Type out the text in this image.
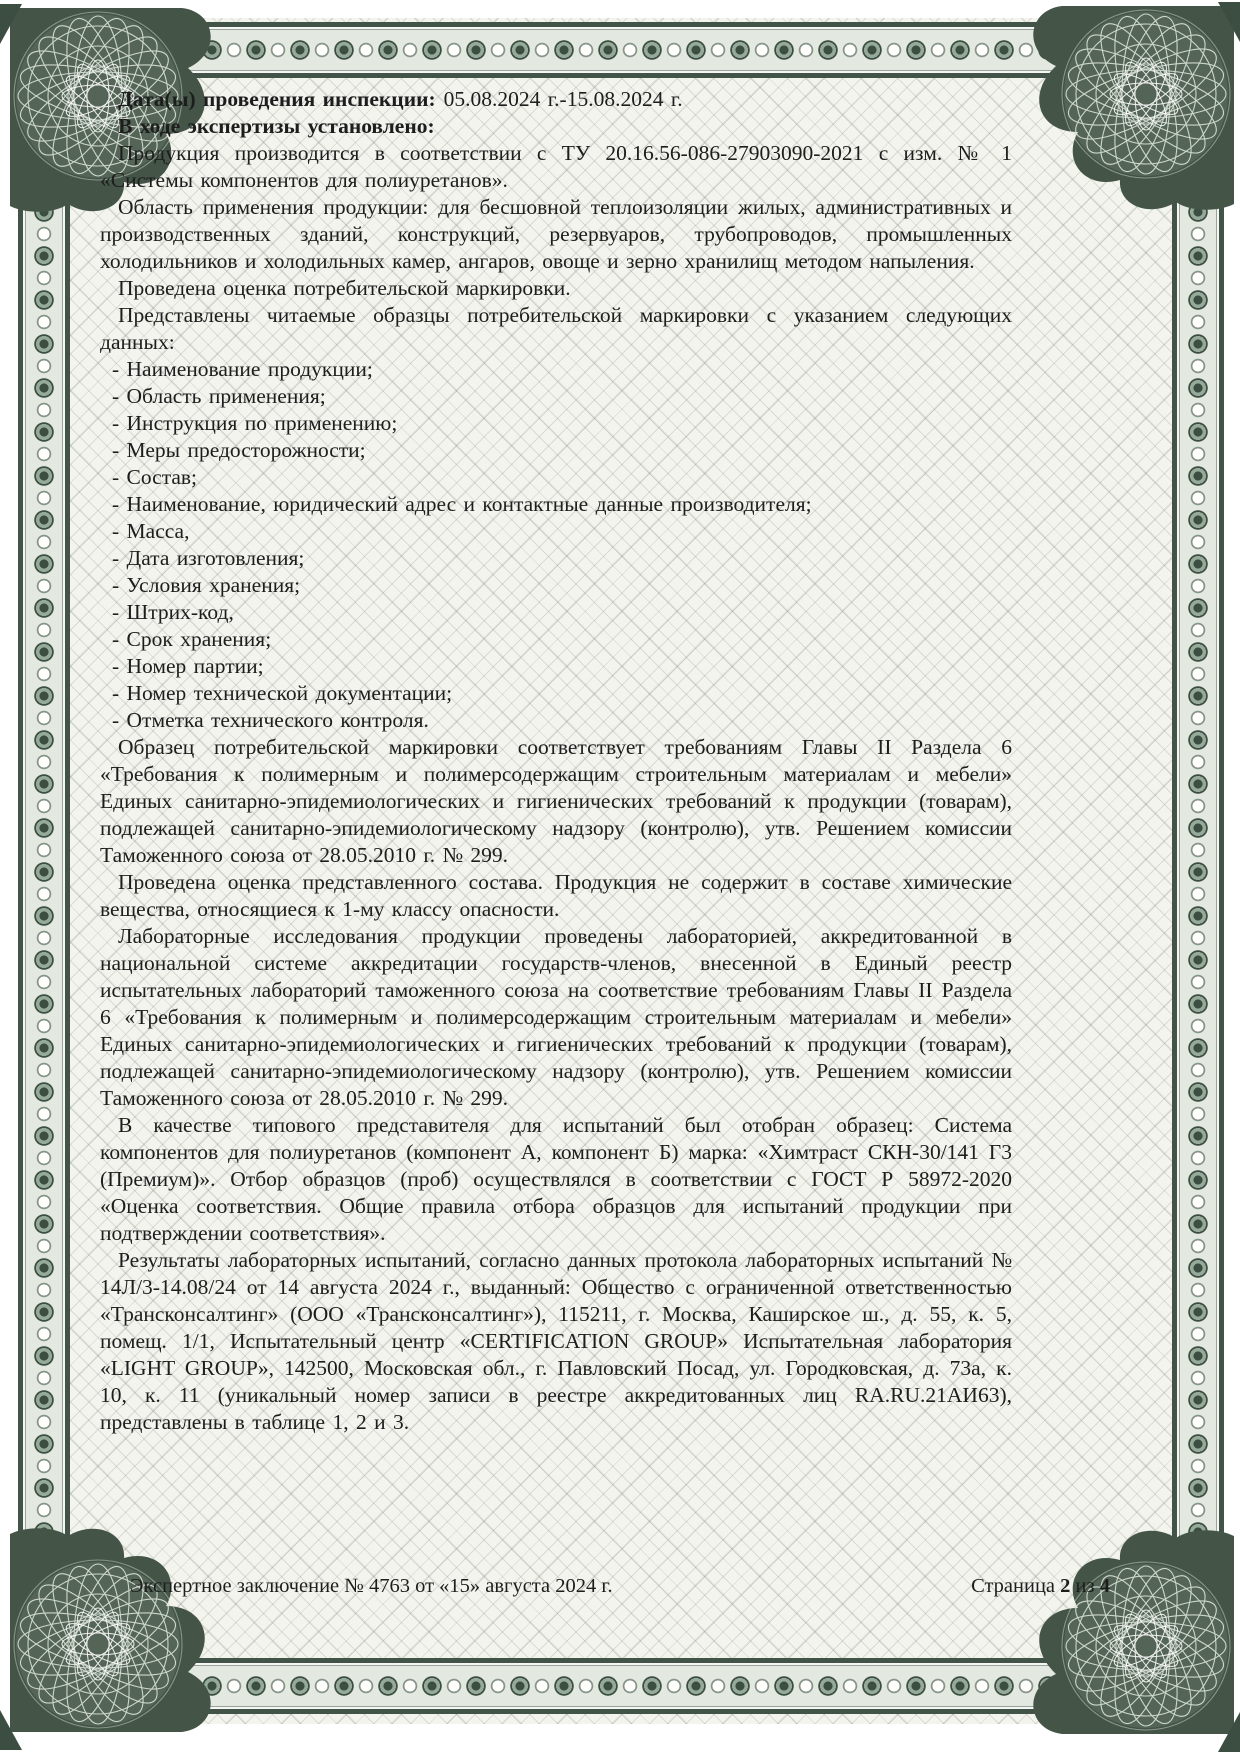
Дата(ы) проведения инспекции: 05.08.2024 г.-15.08.2024 г.

В ходе экспертизы установлено:

Продукция производится в соответствии с ТУ 20.16.56-086-27903090-2021 с изм. № 1 «Системы компонентов для полиуретанов».

Область применения продукции: для бесшовной теплоизоляции жилых, административных и производственных зданий, конструкций, резервуаров, трубопроводов, промышленных холодильников и холодильных камер, ангаров, овоще и зерно хранилищ методом напыления.

Проведена оценка потребительской маркировки.

Представлены читаемые образцы потребительской маркировки с указанием следующих данных:

- Наименование продукции;

- Область применения;

- Инструкция по применению;

- Меры предосторожности;

- Состав;

- Наименование, юридический адрес и контактные данные производителя;

- Масса,

- Дата изготовления;

- Условия хранения;

- Штрих-код,

- Срок хранения;

- Номер партии;

- Номер технической документации;

- Отметка технического контроля.

Образец потребительской маркировки соответствует требованиям Главы II Раздела 6 «Требования к полимерным и полимерсодержащим строительным материалам и мебели» Единых санитарно-эпидемиологических и гигиенических требований к продукции (товарам), подлежащей санитарно-эпидемиологическому надзору (контролю), утв. Решением комиссии Таможенного союза от 28.05.2010 г. № 299.

Проведена оценка представленного состава. Продукция не содержит в составе химические вещества, относящиеся к 1-му классу опасности.

Лабораторные исследования продукции проведены лабораторией, аккредитованной в национальной системе аккредитации государств-членов, внесенной в Единый реестр испытательных лабораторий таможенного союза на соответствие требованиям Главы II Раздела 6 «Требования к полимерным и полимерсодержащим строительным материалам и мебели» Единых санитарно-эпидемиологических и гигиенических требований к продукции (товарам), подлежащей санитарно-эпидемиологическому надзору (контролю), утв. Решением комиссии Таможенного союза от 28.05.2010 г. № 299.

В качестве типового представителя для испытаний был отобран образец: Система компонентов для полиуретанов (компонент А, компонент Б) марка: «Химтраст СКН-30/141 Г3 (Премиум)». Отбор образцов (проб) осуществлялся в соответствии с ГОСТ Р 58972-2020 «Оценка соответствия. Общие правила отбора образцов для испытаний продукции при подтверждении соответствия».

Результаты лабораторных испытаний, согласно данных протокола лабораторных испытаний № 14Л/3-14.08/24 от 14 августа 2024 г., выданный: Общество с ограниченной ответственностью «Трансконсалтинг» (ООО «Трансконсалтинг»), 115211, г. Москва, Каширское ш., д. 55, к. 5, помещ. 1/1, Испытательный центр «CERTIFICATION GROUP» Испытательная лаборатория «LIGHT GROUP», 142500, Московская обл., г. Павловский Посад, ул. Городковская, д. 73а, к. 10, к. 11 (уникальный номер записи в реестре аккредитованных лиц RA.RU.21АИ63), представлены в таблице 1, 2 и 3.

Экспертное заключение № 4763 от «15» августа 2024 г.	Страница 2 из 4
